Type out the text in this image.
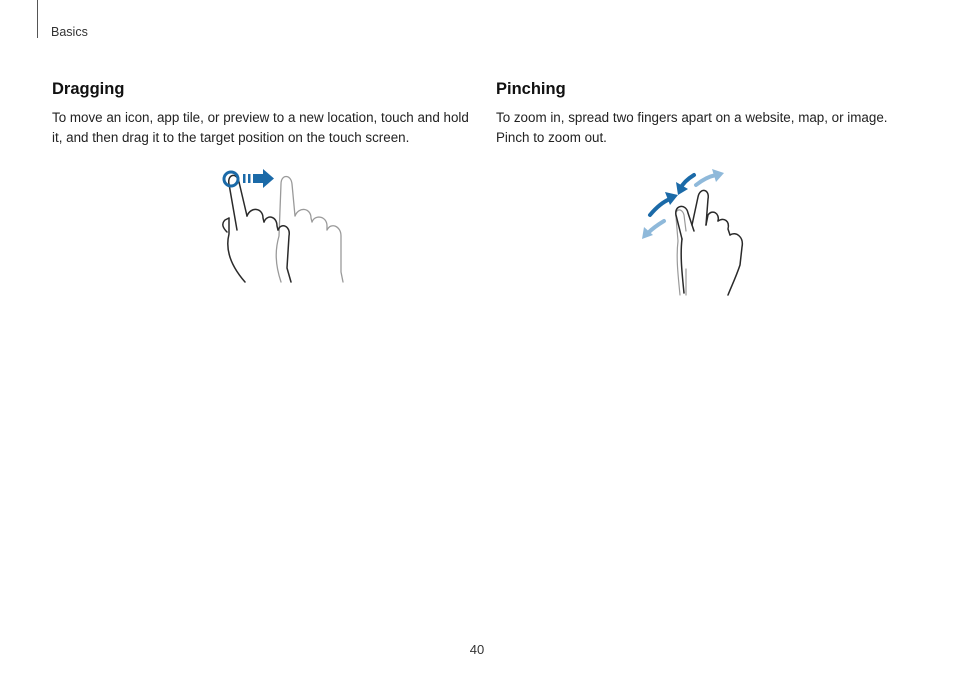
Basics
Dragging

To move an icon, app tile, or preview to a new location, touch and hold it, and then drag it to the target position on the touch screen.

Pinching

To zoom in, spread two fingers apart on a website, map, or image. Pinch to zoom out.

40
